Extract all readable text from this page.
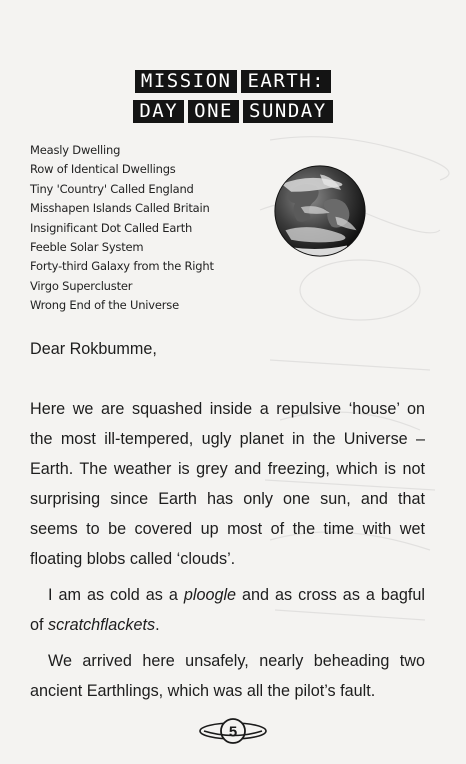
MISSION EARTH:
DAY ONE SUNDAY
Measly Dwelling
Row of Identical Dwellings
Tiny 'Country' Called England
Misshapen Islands Called Britain
Insignificant Dot Called Earth
Feeble Solar System
Forty-third Galaxy from the Right
Virgo Supercluster
Wrong End of the Universe

Dear Rokbumme,

Here we are squashed inside a repulsive ‘house’ on the most ill-tempered, ugly planet in the Universe – Earth. The weather is grey and freezing, which is not surprising since Earth has only one sun, and that seems to be covered up most of the time with wet floating blobs called ‘clouds’.

I am as cold as a ploogle and as cross as a bagful of scratchflackets.

We arrived here unsafely, nearly beheading two ancient Earthlings, which was all the pilot’s fault.

5
